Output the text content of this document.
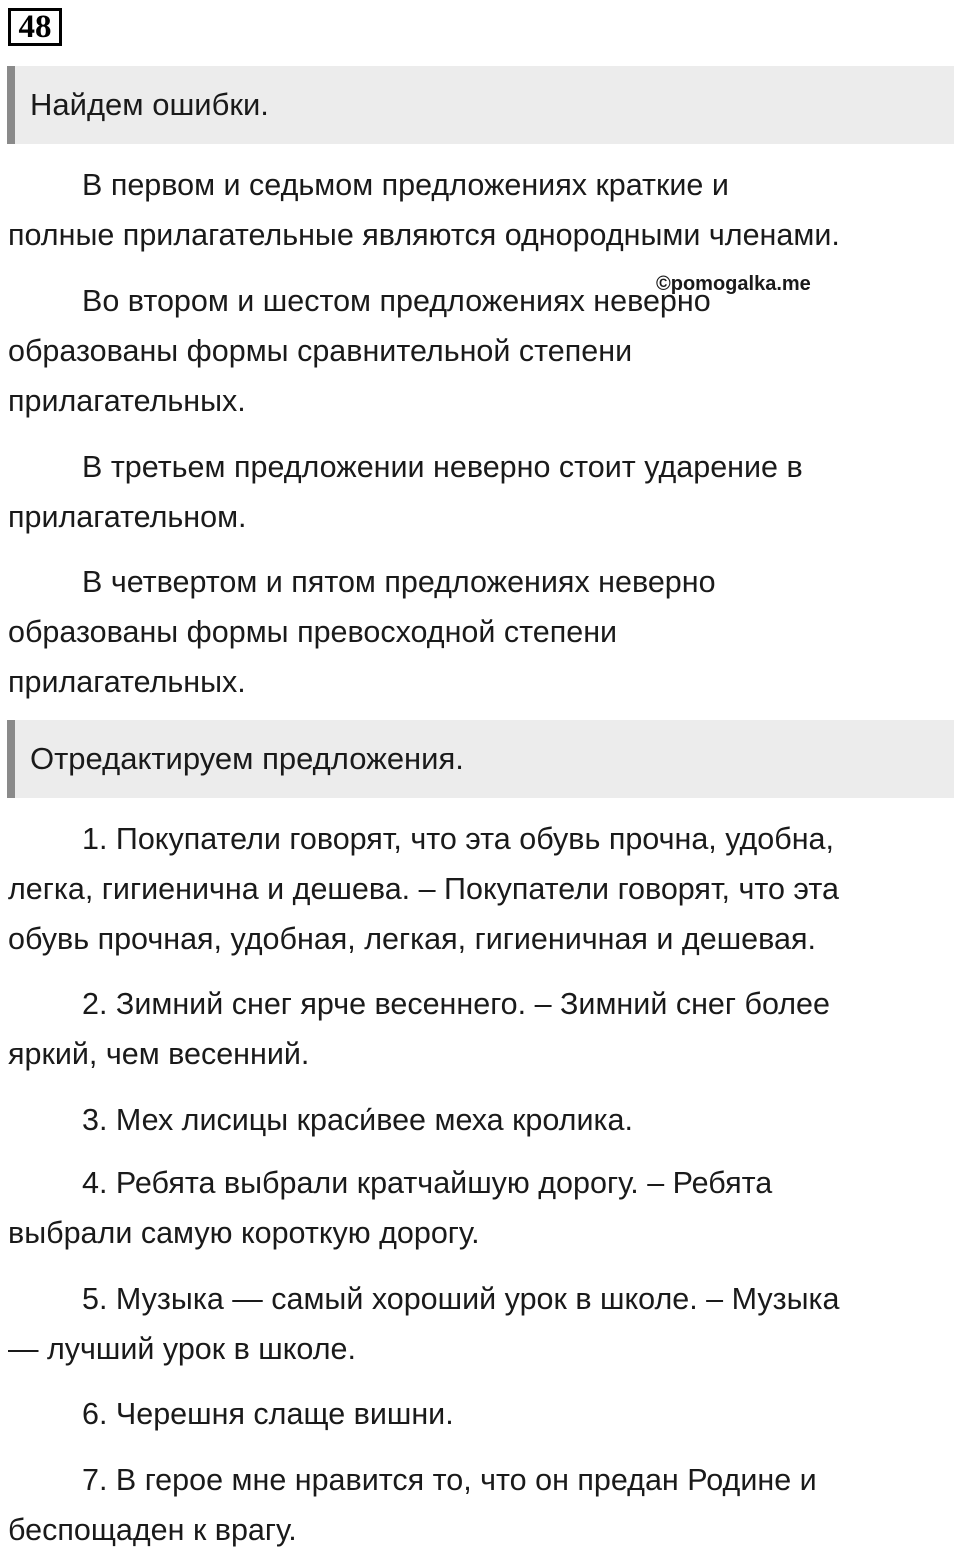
48
Найдем ошибки.

В первом и седьмом предложениях краткие и
полные прилагательные являются однородными членами.

Во втором и шестом предложениях неверно
образованы формы сравнительной степени
прилагательных.

©pomogalka.me

В третьем предложении неверно стоит ударение в
прилагательном.

В четвертом и пятом предложениях неверно
образованы формы превосходной степени
прилагательных.

Отредактируем предложения.

1. Покупатели говорят, что эта обувь прочна, удобна,
легка, гигиенична и дешева. – Покупатели говорят, что эта
обувь прочная, удобная, легкая, гигиеничная и дешевая.

2. Зимний снег ярче весеннего. – Зимний снег более
яркий, чем весенний.

3. Мех лисицы краси́вее меха кролика.

4. Ребята выбрали кратчайшую дорогу. – Ребята
выбрали самую короткую дорогу.

5. Музыка — самый хороший урок в школе. – Музыка
— лучший урок в школе.

6. Черешня слаще вишни.

7. В герое мне нравится то, что он предан Родине и
беспощаден к врагу.
